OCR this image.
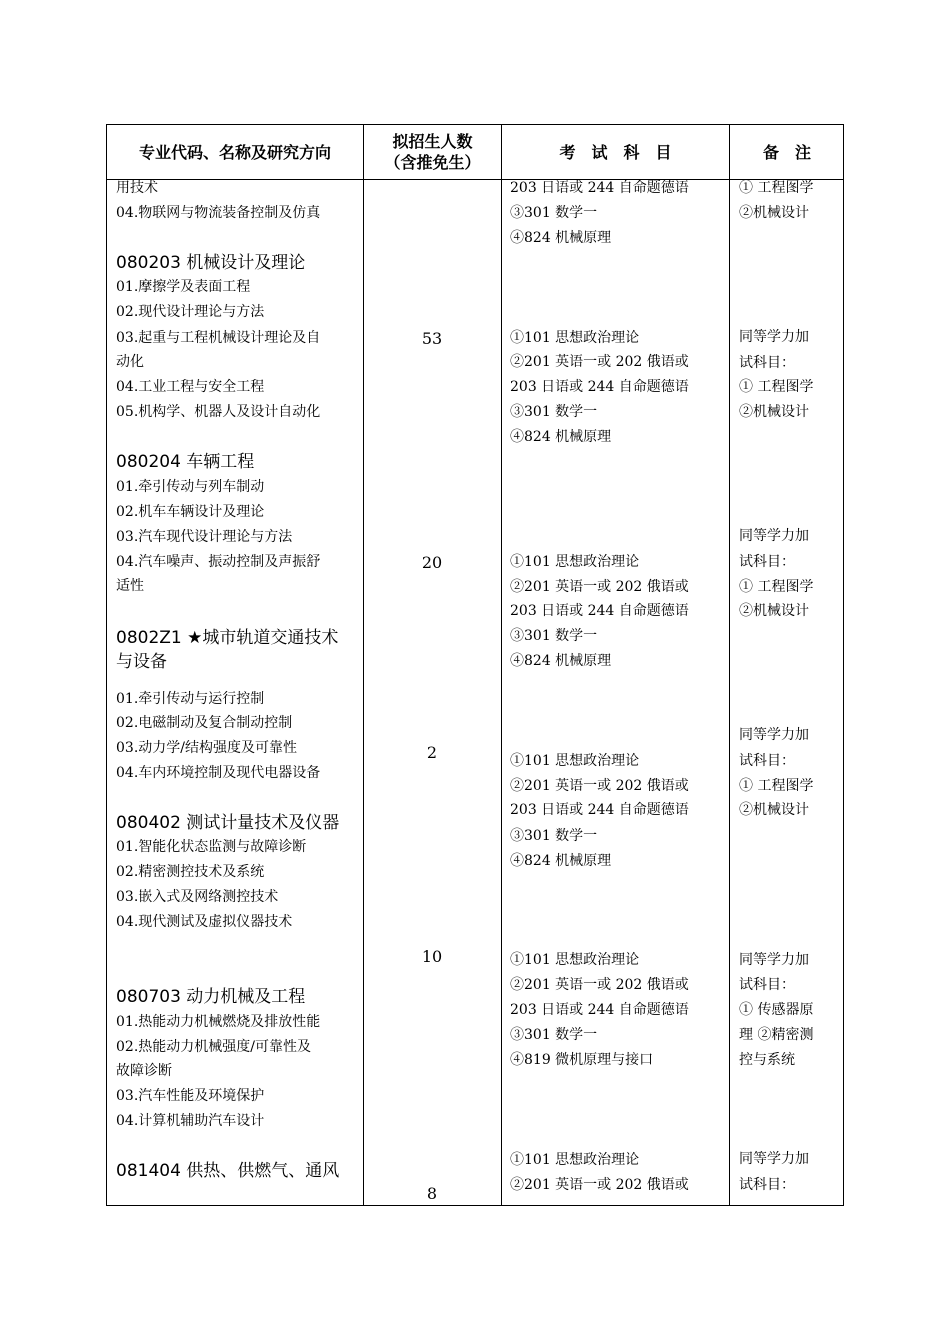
专业代码、名称及研究方向
拟招生人数
（含推免生）
考　试　科　目	备　注
用技术
04.物联网与物流装备控制及仿真
080203 机械设计及理论
01.摩擦学及表面工程
02.现代设计理论与方法
03.起重与工程机械设计理论及自
动化
04.工业工程与安全工程
05.机构学、机器人及设计自动化
080204 车辆工程
01.牵引传动与列车制动
02.机车车辆设计及理论
03.汽车现代设计理论与方法
04.汽车噪声、振动控制及声振舒
适性
0802Z1 ★城市轨道交通技术
与设备
01.牵引传动与运行控制
02.电磁制动及复合制动控制
03.动力学/结构强度及可靠性
04.车内环境控制及现代电器设备
080402 测试计量技术及仪器
01.智能化状态监测与故障诊断
02.精密测控技术及系统
03.嵌入式及网络测控技术
04.现代测试及虚拟仪器技术
080703 动力机械及工程
01.热能动力机械燃烧及排放性能
02.热能动力机械强度/可靠性及
故障诊断
03.汽车性能及环境保护
04.计算机辅助汽车设计
081404 供热、供燃气、通风
53
20
2
10
8
203 日语或 244 自命题德语
③301 数学一
④824 机械原理
①101 思想政治理论
②201 英语一或 202 俄语或
203 日语或 244 自命题德语
③301 数学一
④824 机械原理
①101 思想政治理论
②201 英语一或 202 俄语或
203 日语或 244 自命题德语
③301 数学一
④824 机械原理
①101 思想政治理论
②201 英语一或 202 俄语或
203 日语或 244 自命题德语
③301 数学一
④824 机械原理
①101 思想政治理论
②201 英语一或 202 俄语或
203 日语或 244 自命题德语
③301 数学一
④819 微机原理与接口
①101 思想政治理论
②201 英语一或 202 俄语或
① 工程图学
②机械设计
同等学力加
试科目：
① 工程图学
②机械设计
同等学力加
试科目：
① 工程图学
②机械设计
同等学力加
试科目：
① 工程图学
②机械设计
同等学力加
试科目：
① 传感器原
理 ②精密测
控与系统
同等学力加
试科目：
